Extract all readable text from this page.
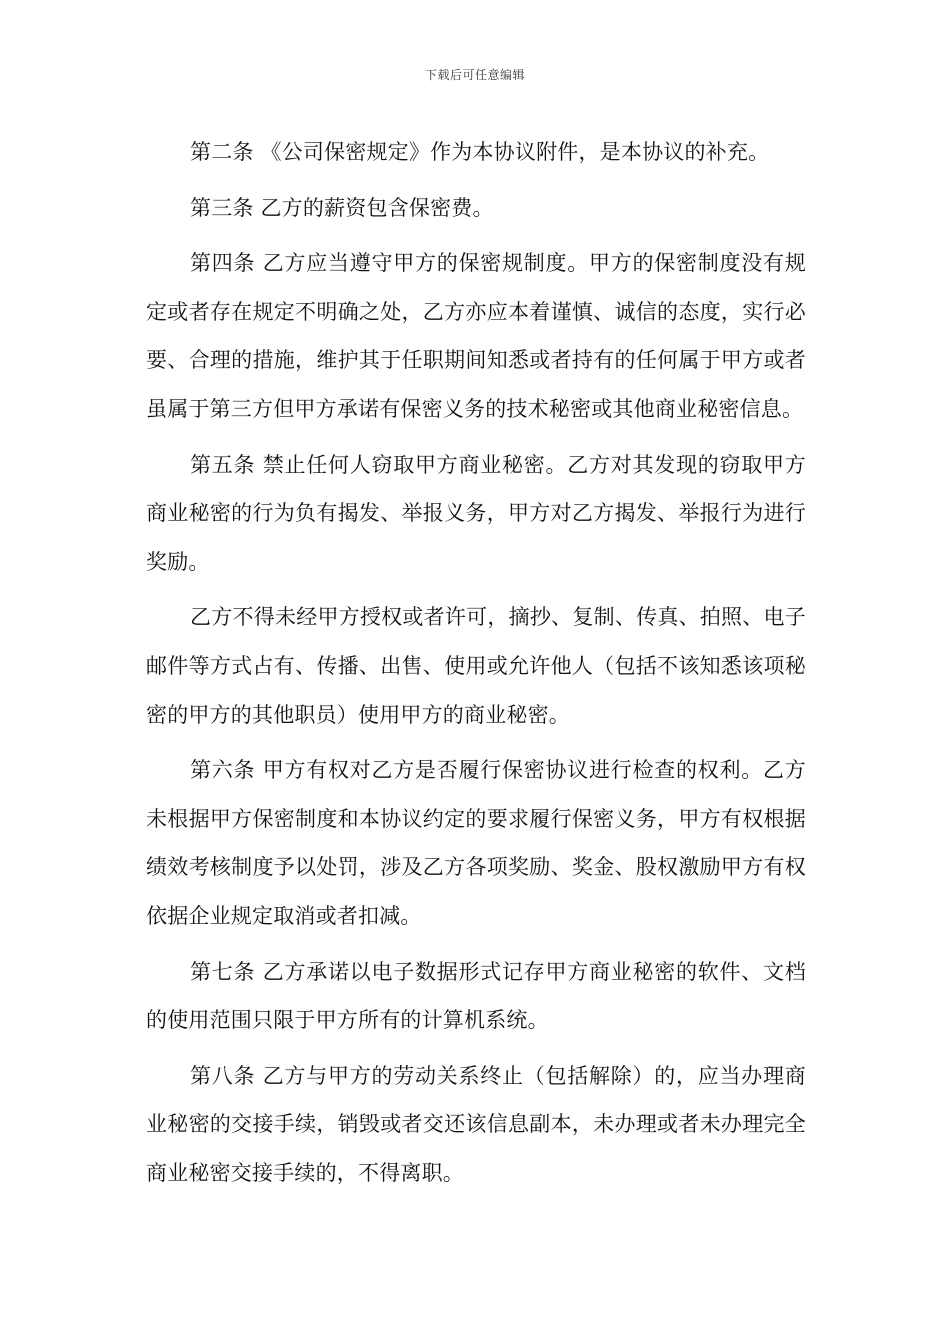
下载后可任意编辑

第二条 《公司保密规定》作为本协议附件，是本协议的补充。

第三条 乙方的薪资包含保密费。

第四条 乙方应当遵守甲方的保密规制度。甲方的保密制度没有规定或者存在规定不明确之处，乙方亦应本着谨慎、诚信的态度，实行必要、合理的措施，维护其于任职期间知悉或者持有的任何属于甲方或者虽属于第三方但甲方承诺有保密义务的技术秘密或其他商业秘密信息。

第五条 禁止任何人窃取甲方商业秘密。乙方对其发现的窃取甲方商业秘密的行为负有揭发、举报义务，甲方对乙方揭发、举报行为进行奖励。

乙方不得未经甲方授权或者许可，摘抄、复制、传真、拍照、电子邮件等方式占有、传播、出售、使用或允许他人（包括不该知悉该项秘密的甲方的其他职员）使用甲方的商业秘密。

第六条 甲方有权对乙方是否履行保密协议进行检查的权利。乙方未根据甲方保密制度和本协议约定的要求履行保密义务，甲方有权根据绩效考核制度予以处罚，涉及乙方各项奖励、奖金、股权激励甲方有权依据企业规定取消或者扣减。

第七条 乙方承诺以电子数据形式记存甲方商业秘密的软件、文档的使用范围只限于甲方所有的计算机系统。

第八条 乙方与甲方的劳动关系终止（包括解除）的，应当办理商业秘密的交接手续，销毁或者交还该信息副本，未办理或者未办理完全商业秘密交接手续的，不得离职。
